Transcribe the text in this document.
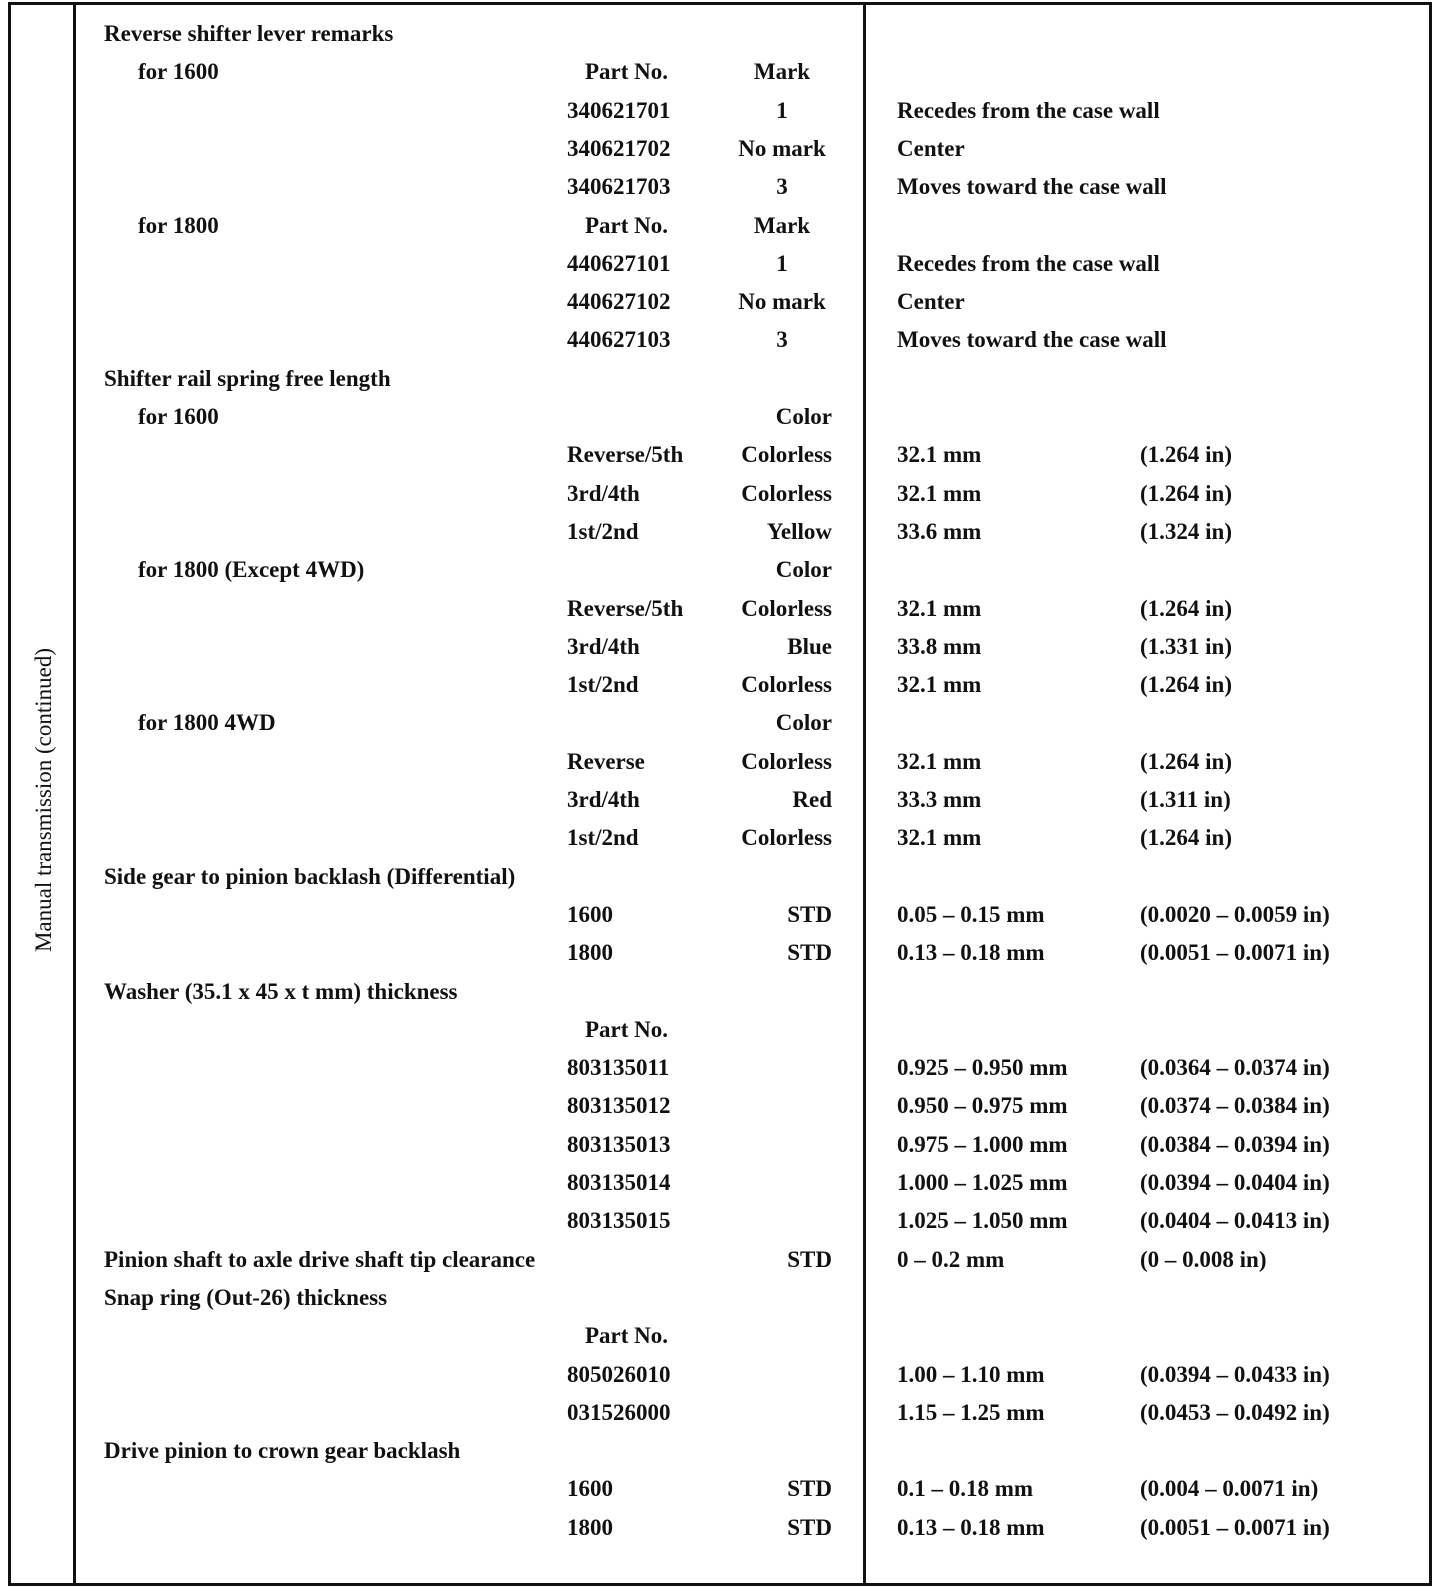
Manual transmission (continued)
Reverse shifter lever remarks
for 1600	Part No.	Mark
340621701	1	Recedes from the case wall
340621702	No mark	Center
340621703	3	Moves toward the case wall
for 1800	Part No.	Mark
440627101	1	Recedes from the case wall
440627102	No mark	Center
440627103	3	Moves toward the case wall
Shifter rail spring free length
for 1600	Color
Reverse/5th	Colorless	32.1 mm	(1.264 in)
3rd/4th	Colorless	32.1 mm	(1.264 in)
1st/2nd	Yellow	33.6 mm	(1.324 in)
for 1800 (Except 4WD)	Color
Reverse/5th	Colorless	32.1 mm	(1.264 in)
3rd/4th	Blue	33.8 mm	(1.331 in)
1st/2nd	Colorless	32.1 mm	(1.264 in)
for 1800 4WD	Color
Reverse	Colorless	32.1 mm	(1.264 in)
3rd/4th	Red	33.3 mm	(1.311 in)
1st/2nd	Colorless	32.1 mm	(1.264 in)
Side gear to pinion backlash (Differential)
1600	STD	0.05 – 0.15 mm	(0.0020 – 0.0059 in)
1800	STD	0.13 – 0.18 mm	(0.0051 – 0.0071 in)
Washer (35.1 x 45 x t mm) thickness
Part No.
803135011	0.925 – 0.950 mm	(0.0364 – 0.0374 in)
803135012	0.950 – 0.975 mm	(0.0374 – 0.0384 in)
803135013	0.975 – 1.000 mm	(0.0384 – 0.0394 in)
803135014	1.000 – 1.025 mm	(0.0394 – 0.0404 in)
803135015	1.025 – 1.050 mm	(0.0404 – 0.0413 in)
Pinion shaft to axle drive shaft tip clearance	STD	0 – 0.2 mm	(0 – 0.008 in)
Snap ring (Out-26) thickness
Part No.
805026010	1.00 – 1.10 mm	(0.0394 – 0.0433 in)
031526000	1.15 – 1.25 mm	(0.0453 – 0.0492 in)
Drive pinion to crown gear backlash
1600	STD	0.1 – 0.18 mm	(0.004 – 0.0071 in)
1800	STD	0.13 – 0.18 mm	(0.0051 – 0.0071 in)
